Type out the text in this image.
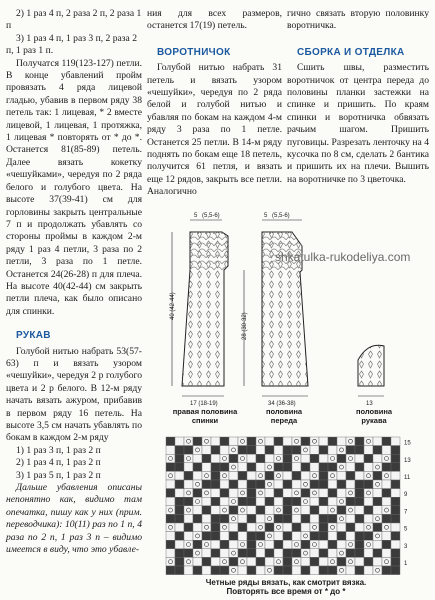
2) 1 раз 4 п, 2 раза 2 п, 2 раза 1 п
3) 1 раз 4 п, 1 раз 3 п, 2 раза 2 п, 1 раз 1 п.

Получатся 119(123-127) петли. В конце убавлений пройм провязать 4 ряда лицевой гладью, убавив в первом ряду 38 петель так: 1 лицевая, * 2 вместе лицевой, 1 лицевая, 1 протяжка, 1 лицевая * повторять от * до *. Останется 81(85-89) петель. Далее вязать кокетку «чешуйками», чередуя по 2 ряда белого и голубого цвета. На высоте 37(39-41) см для горловины закрыть центральные 7 п и продолжать убавлять со стороны проймы в каждом 2-м ряду 1 раз 4 петли, 3 раза по 2 петли, 3 раза по 1 петле. Останется 24(26-28) п для плеча. На высоте 40(42-44) см закрыть петли плеча, как было описано для спинки.

РУКАВ

Голубой нитью набрать 53(57-63) п и вязать узором «чешуйки», чередуя 2 р голубого цвета и 2 р белого. В 12-м ряду начать вязать ажуром, прибавив в первом ряду 16 петель. На высоте 3,5 см начать убавлять по бокам в каждом 2-м ряду

1) 1 раз 3 п, 1 раз 2 п
2) 1 раз 4 п, 1 раз 2 п
3) 1 раз 5 п, 1 раз 2 п

Дальше убавления описаны непонятно как, видимо там опечатка, пишу как у них (прим. переводчика): 10(11) раз по 1 п, 4 раза по 2 п, 1 раз 3 п – видимо имеется в виду, что это убавле-

ния для всех размеров, останется 17(19) петель.

ВОРОТНИЧОК

Голубой нитью набрать 31 петель и вязать узором «чешуйки», чередуя по 2 ряда белой и голубой нитью и убавляя по бокам на каждом 4-м ряду 3 раза по 1 петле. Останется 25 петли. В 14-м ряду поднять по бокам еще 18 петель, получится 61 петля, и вязать еще 12 рядов, закрыть все петли. Аналогично

гично связать вторую половинку воротничка.

СБОРКА И ОТДЕЛКА

Сшить швы, разместить воротничок от центра переда до половины планки застежки на спинке и пришить. По краям спинки и воротничка обвязать рачьим шагом. Пришить пуговицы. Разрезать ленточку на 4 кусочка по 8 см, сделать 2 бантика и пришить их на плечи. Вышить на воротничке по 3 цветочка.

5 (5,5-6)	5 (5,5-6)
40 (42-44)
28 (30-32)
17 (18-19)	34 (36-38)	13
правая половина спинки
половина переда
половина рукава
shkatulka-rukodeliya.com
15
13
11
9
7
5
3
1
Четные ряды вязать, как смотрит вязка.
Повторять все время от * до *
